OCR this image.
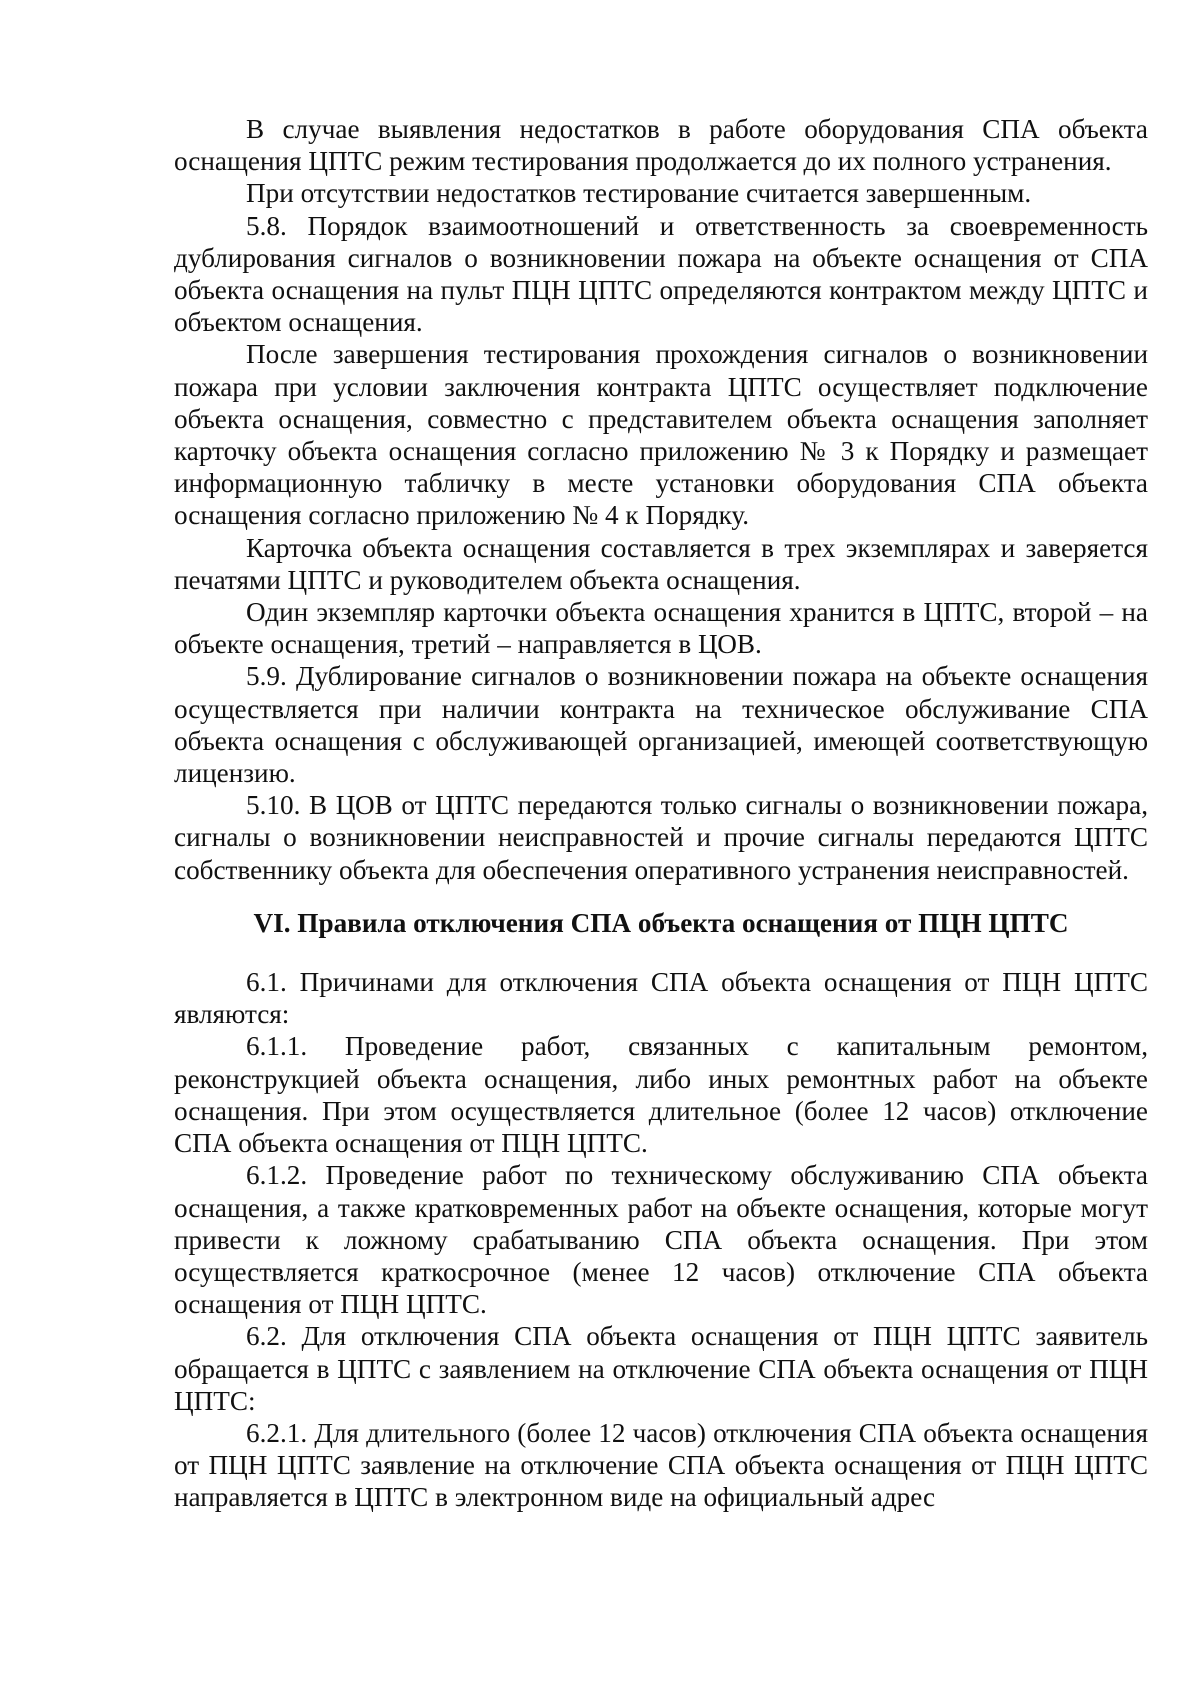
В случае выявления недостатков в работе оборудования СПА объекта оснащения ЦПТС режим тестирования продолжается до их полного устранения.

При отсутствии недостатков тестирование считается завершенным.

5.8. Порядок взаимоотношений и ответственность за своевременность дублирования сигналов о возникновении пожара на объекте оснащения от СПА объекта оснащения на пульт ПЦН ЦПТС определяются контрактом между ЦПТС и объектом оснащения.

После завершения тестирования прохождения сигналов о возникновении пожара при условии заключения контракта ЦПТС осуществляет подключение объекта оснащения, совместно с представителем объекта оснащения заполняет карточку объекта оснащения согласно приложению № 3 к Порядку и размещает информационную табличку в месте установки оборудования СПА объекта оснащения согласно приложению № 4 к Порядку.

Карточка объекта оснащения составляется в трех экземплярах и заверяется печатями ЦПТС и руководителем объекта оснащения.

Один экземпляр карточки объекта оснащения хранится в ЦПТС, второй – на объекте оснащения, третий – направляется в ЦОВ.

5.9. Дублирование сигналов о возникновении пожара на объекте оснащения осуществляется при наличии контракта на техническое обслуживание СПА объекта оснащения с обслуживающей организацией, имеющей соответствующую лицензию.

5.10. В ЦОВ от ЦПТС передаются только сигналы о возникновении пожара, сигналы о возникновении неисправностей и прочие сигналы передаются ЦПТС собственнику объекта для обеспечения оперативного устранения неисправностей.

VI. Правила отключения СПА объекта оснащения от ПЦН ЦПТС

6.1. Причинами для отключения СПА объекта оснащения от ПЦН ЦПТС являются:

6.1.1. Проведение работ, связанных с капитальным ремонтом, реконструкцией объекта оснащения, либо иных ремонтных работ на объекте оснащения. При этом осуществляется длительное (более 12 часов) отключение СПА объекта оснащения от ПЦН ЦПТС.

6.1.2. Проведение работ по техническому обслуживанию СПА объекта оснащения, а также кратковременных работ на объекте оснащения, которые могут привести к ложному срабатыванию СПА объекта оснащения. При этом осуществляется краткосрочное (менее 12 часов) отключение СПА объекта оснащения от ПЦН ЦПТС.

6.2. Для отключения СПА объекта оснащения от ПЦН ЦПТС заявитель обращается в ЦПТС с заявлением на отключение СПА объекта оснащения от ПЦН ЦПТС:

6.2.1. Для длительного (более 12 часов) отключения СПА объекта оснащения от ПЦН ЦПТС заявление на отключение СПА объекта оснащения от ПЦН ЦПТС направляется в ЦПТС в электронном виде на официальный адрес
